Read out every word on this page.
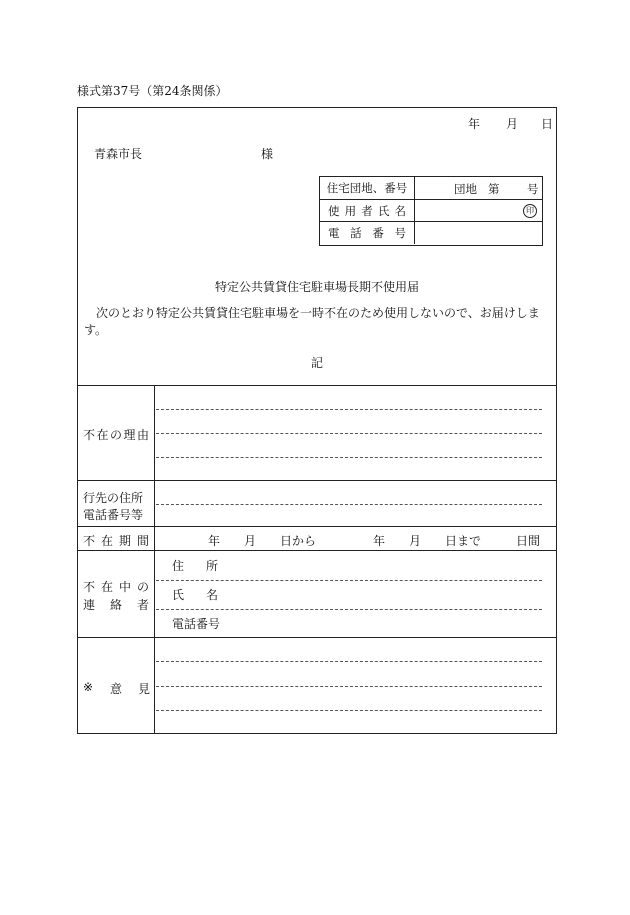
様式第37号（第24条関係）
年 月 日
青森市長	様
住宅団地、番号	団地 第 号
使 用 者 氏 名	印
電 話 番 号
特定公共賃貸住宅駐車場長期不使用届
次のとおり特定公共賃貸住宅駐車場を一時不在のため使用しないので、お届けします。
記
不 在 の 理 由
行先の住所
電話番号等
不 在 期 間	年 月 日から	年 月 日まで	日間
不 在 中 の
連 絡 者
住 所
氏 名
電話番号
※ 意 見
